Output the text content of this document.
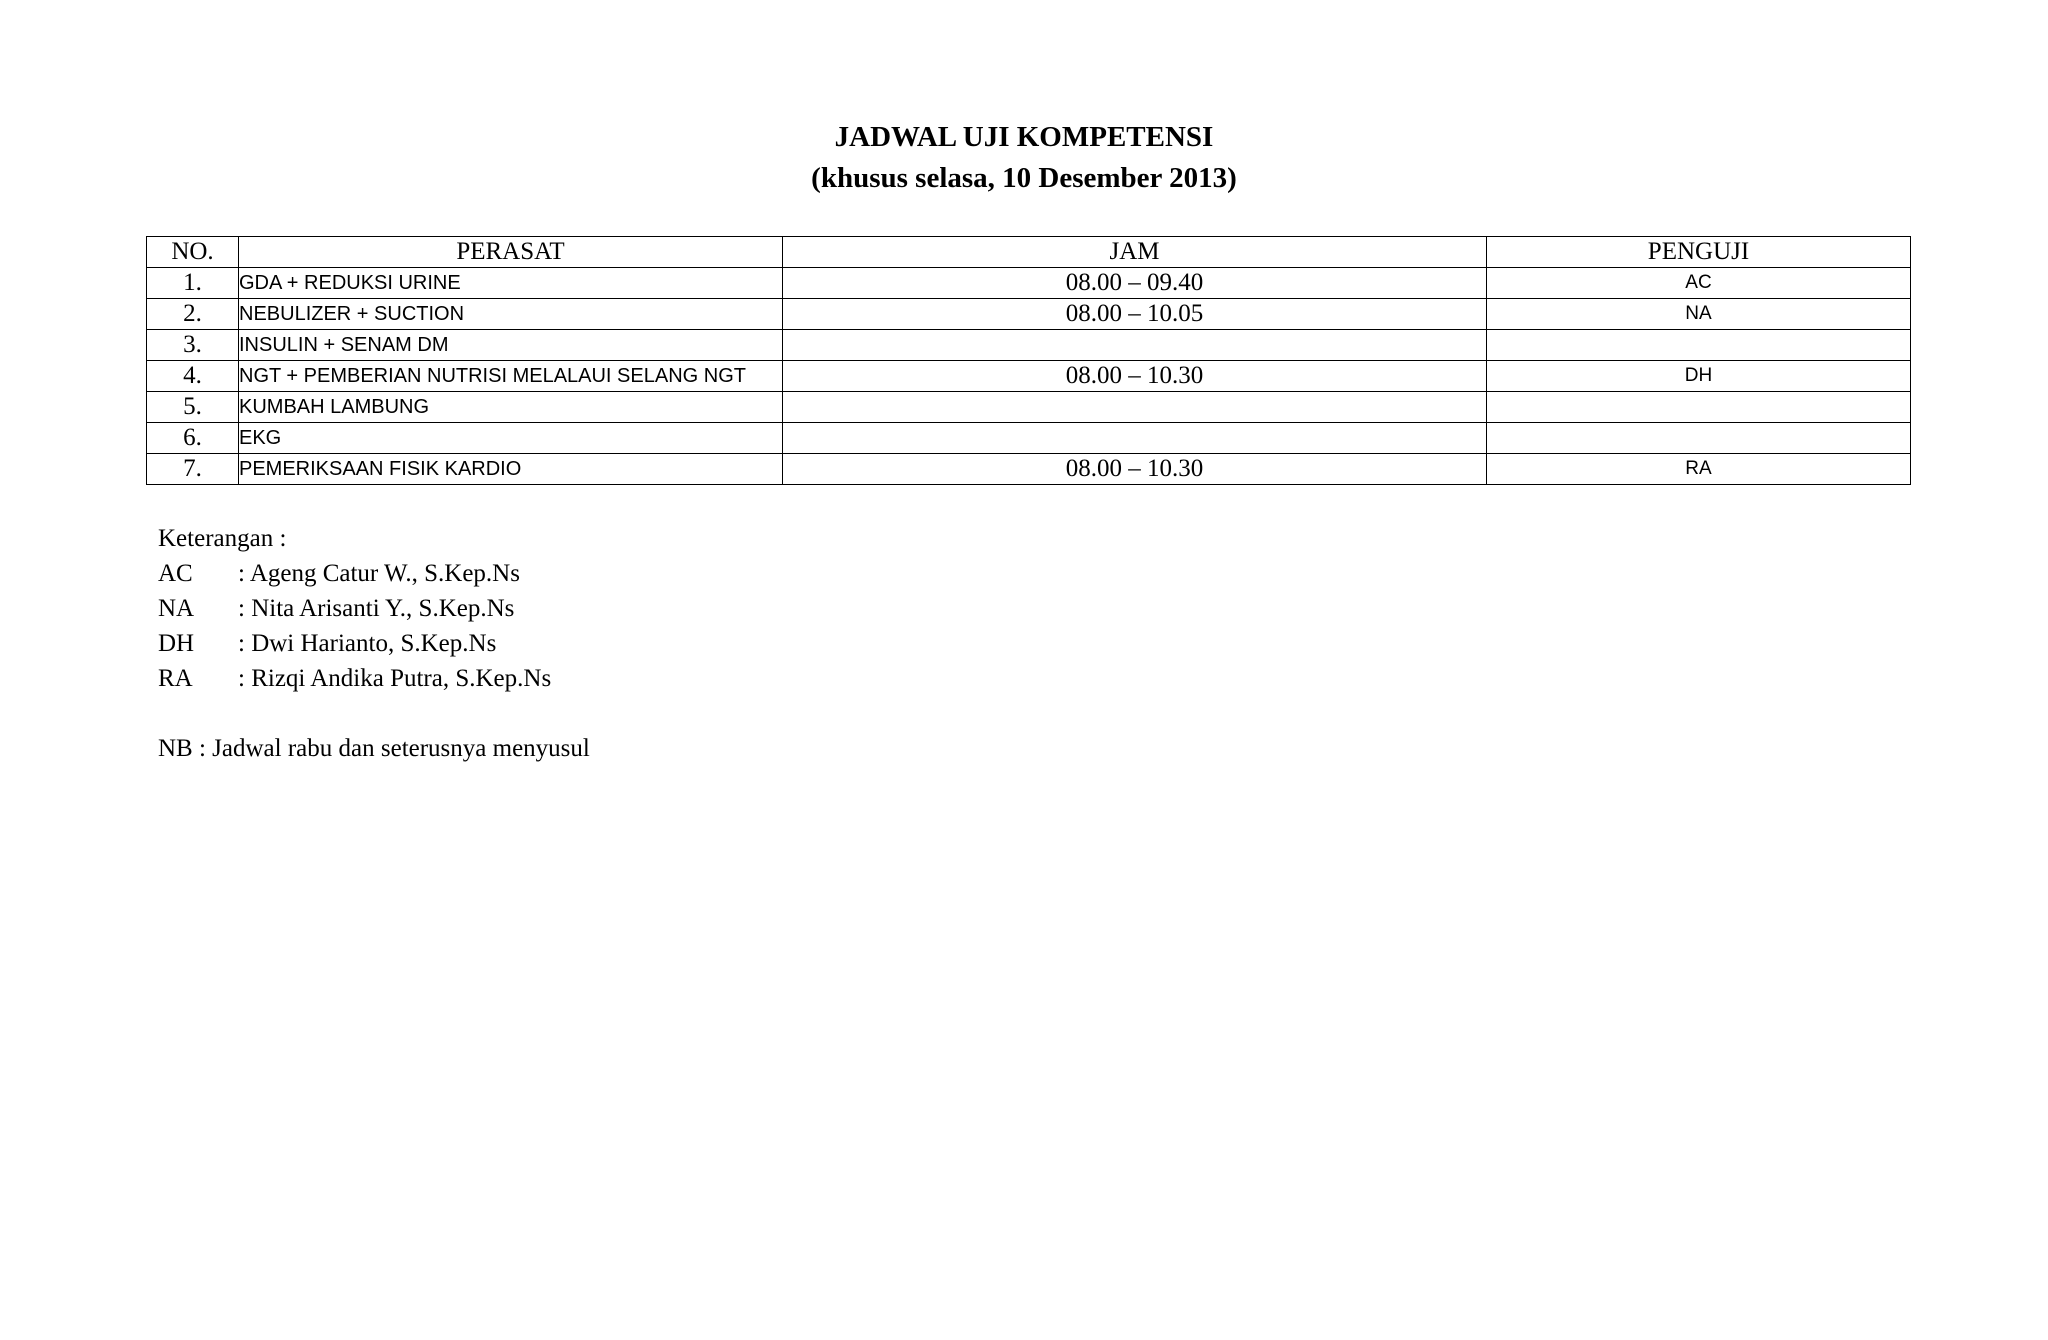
JADWAL UJI KOMPETENSI
(khusus selasa, 10 Desember 2013)
NO.	PERASAT	JAM	PENGUJI
1.	GDA + REDUKSI URINE	08.00 – 09.40	AC
2.	NEBULIZER + SUCTION	08.00 – 10.05	NA
3.	INSULIN + SENAM DM		
4.	NGT + PEMBERIAN NUTRISI MELALAUI SELANG NGT	08.00 – 10.30	DH
5.	KUMBAH LAMBUNG		
6.	EKG		
7.	PEMERIKSAAN FISIK KARDIO	08.00 – 10.30	RA
Keterangan :
AC : Ageng Catur W., S.Kep.Ns
NA : Nita Arisanti Y., S.Kep.Ns
DH : Dwi Harianto, S.Kep.Ns
RA : Rizqi Andika Putra, S.Kep.Ns
NB : Jadwal rabu dan seterusnya menyusul
